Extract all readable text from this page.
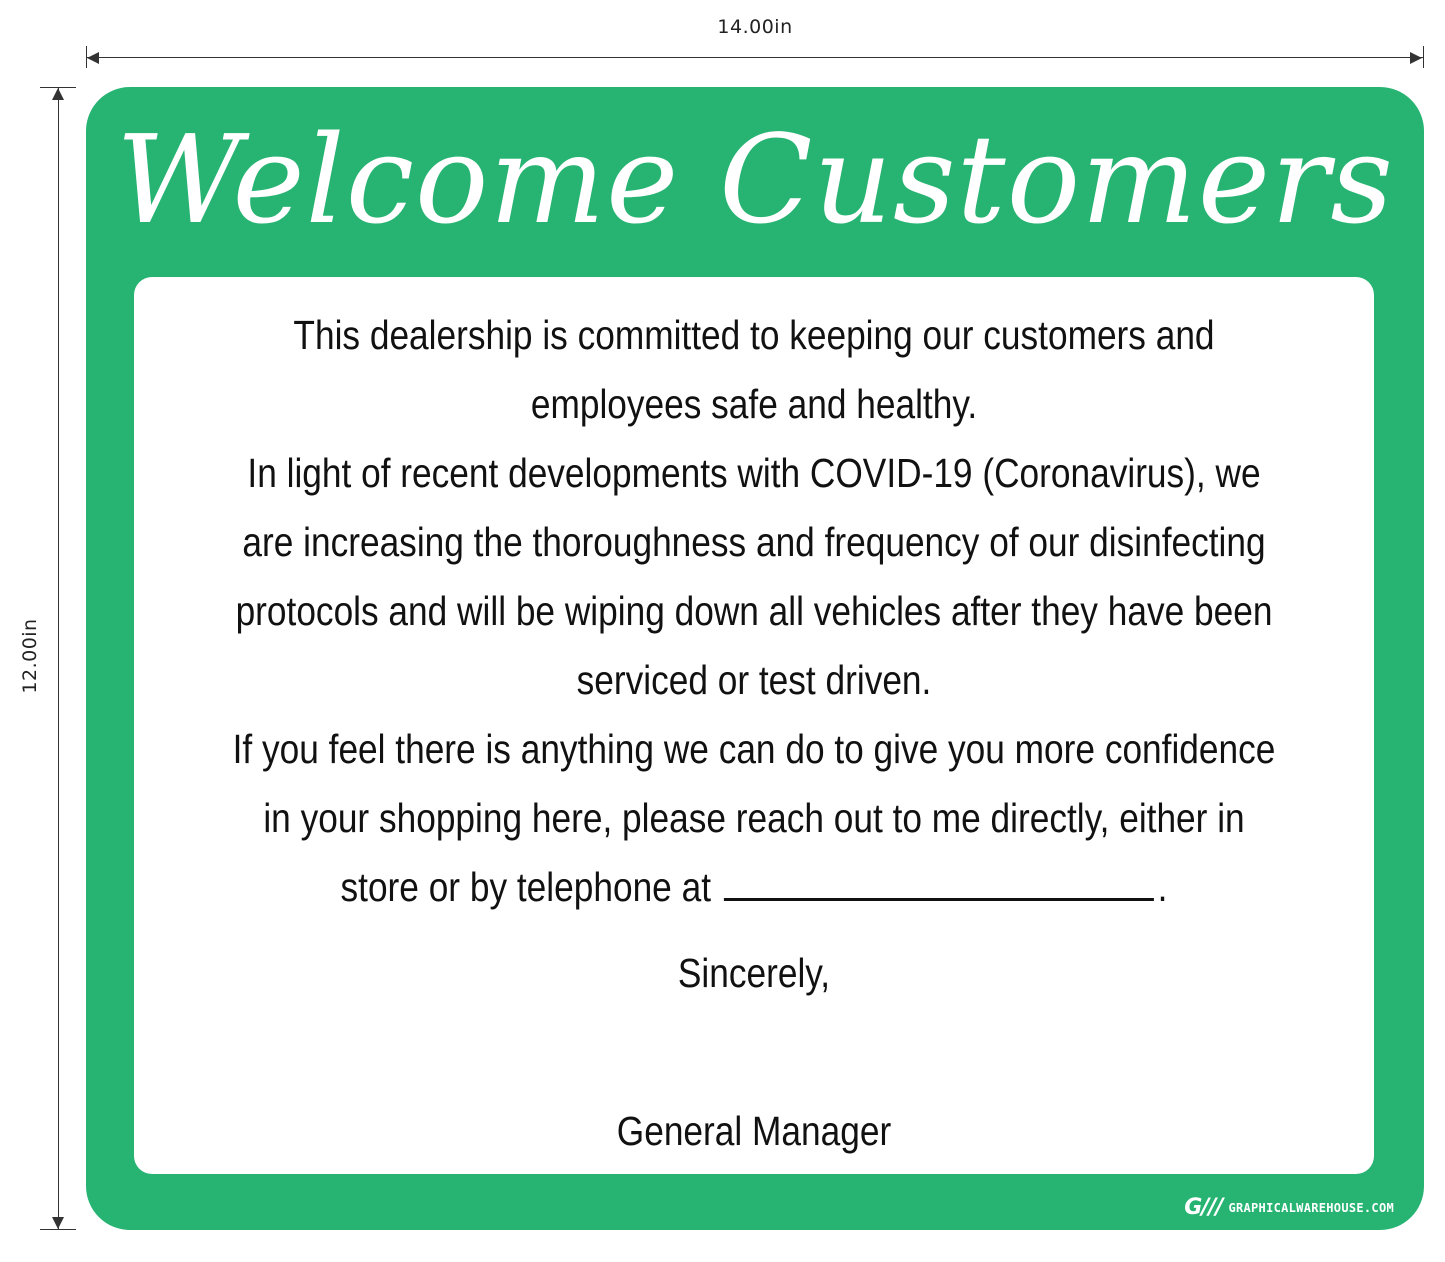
14.00in
12.00in
Welcome Customers

This dealership is committed to keeping our customers and employees safe and healthy.

In light of recent developments with COVID-19 (Coronavirus), we are increasing the thoroughness and frequency of our disinfecting protocols and will be wiping down all vehicles after they have been serviced or test driven.

If you feel there is anything we can do to give you more confidence in your shopping here, please reach out to me directly, either in store or by telephone at	.

Sincerely,
General Manager
G/// GRAPHICALWAREHOUSE.COM
